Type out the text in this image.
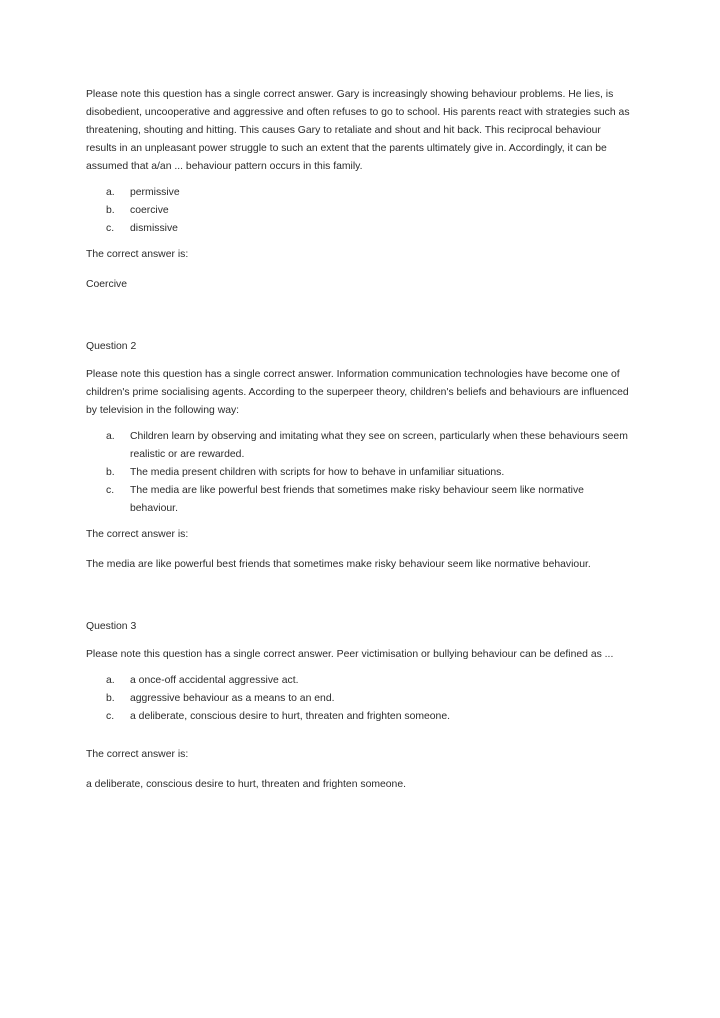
Please note this question has a single correct answer. Gary is increasingly showing behaviour problems. He lies, is disobedient, uncooperative and aggressive and often refuses to go to school. His parents react with strategies such as threatening, shouting and hitting. This causes Gary to retaliate and shout and hit back. This reciprocal behaviour results in an unpleasant power struggle to such an extent that the parents ultimately give in. Accordingly, it can be assumed that a/an ... behaviour pattern occurs in this family.

a.	permissive
b.	coercive
c.	dismissive

The correct answer is:

Coercive

Question 2

Please note this question has a single correct answer. Information communication technologies have become one of children's prime socialising agents. According to the superpeer theory, children's beliefs and behaviours are influenced by television in the following way:

a.	Children learn by observing and imitating what they see on screen, particularly when these behaviours seem realistic or are rewarded.
b.	The media present children with scripts for how to behave in unfamiliar situations.
c.	The media are like powerful best friends that sometimes make risky behaviour seem like normative behaviour.

The correct answer is:

The media are like powerful best friends that sometimes make risky behaviour seem like normative behaviour.

Question 3

Please note this question has a single correct answer. Peer victimisation or bullying behaviour can be defined as ...

a.	a once-off accidental aggressive act.
b.	aggressive behaviour as a means to an end.
c.	a deliberate, conscious desire to hurt, threaten and frighten someone.

The correct answer is:

a deliberate, conscious desire to hurt, threaten and frighten someone.
